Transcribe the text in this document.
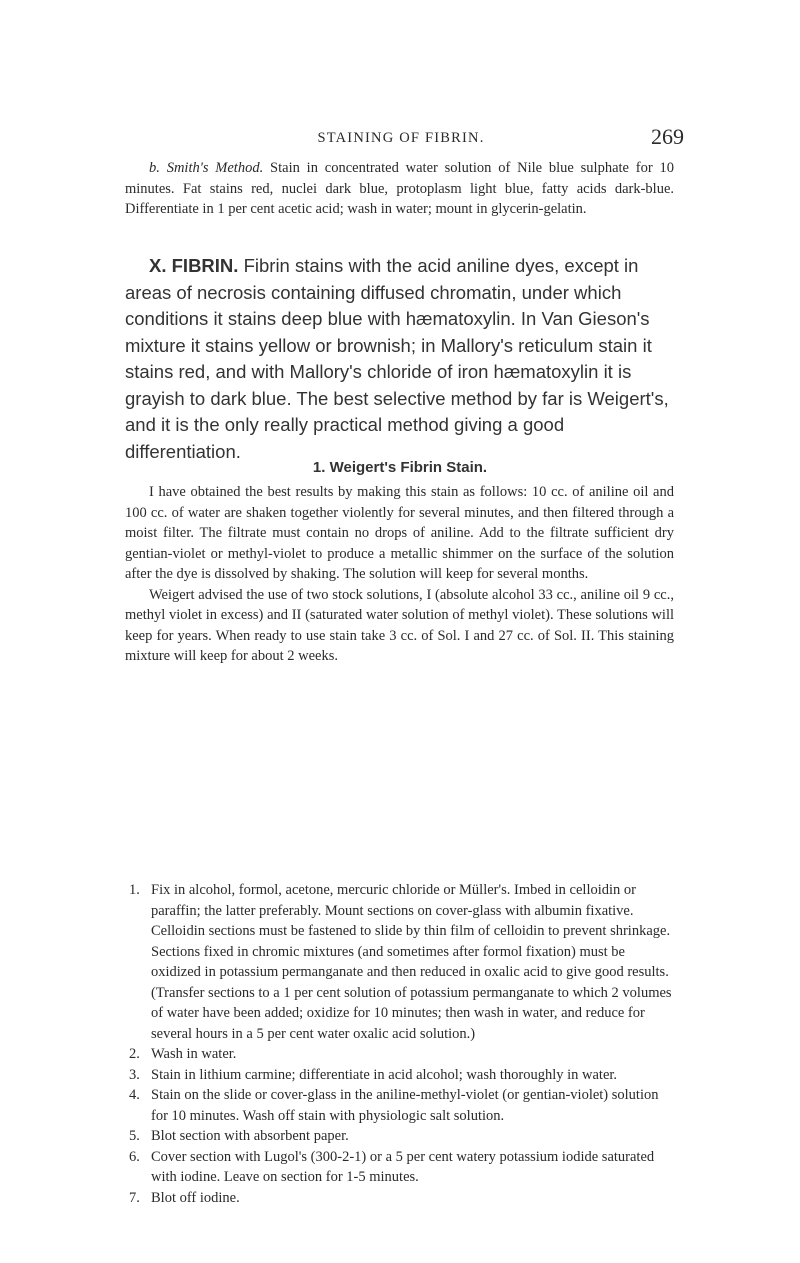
STAINING OF FIBRIN.	269

b. Smith's Method. Stain in concentrated water solution of Nile blue sulphate for 10 minutes. Fat stains red, nuclei dark blue, protoplasm light blue, fatty acids dark-blue. Differentiate in 1 per cent acetic acid; wash in water; mount in glycerin-gelatin.

X. FIBRIN. Fibrin stains with the acid aniline dyes, except in areas of necrosis containing diffused chromatin, under which conditions it stains deep blue with hæmatoxylin. In Van Gieson's mixture it stains yellow or brownish; in Mallory's reticulum stain it stains red, and with Mallory's chloride of iron hæmatoxylin it is grayish to dark blue. The best selective method by far is Weigert's, and it is the only really practical method giving a good differentiation.

1. Weigert's Fibrin Stain.

I have obtained the best results by making this stain as follows: 10 cc. of aniline oil and 100 cc. of water are shaken together violently for several minutes, and then filtered through a moist filter. The filtrate must contain no drops of aniline. Add to the filtrate sufficient dry gentian-violet or methyl-violet to produce a metallic shimmer on the surface of the solution after the dye is dissolved by shaking. The solution will keep for several months.

Weigert advised the use of two stock solutions, I (absolute alcohol 33 cc., aniline oil 9 cc., methyl violet in excess) and II (saturated water solution of methyl violet). These solutions will keep for years. When ready to use stain take 3 cc. of Sol. I and 27 cc. of Sol. II. This staining mixture will keep for about 2 weeks.

1. Fix in alcohol, formol, acetone, mercuric chloride or Müller's. Imbed in celloidin or paraffin; the latter preferably. Mount sections on cover-glass with albumin fixative. Celloidin sections must be fastened to slide by thin film of celloidin to prevent shrinkage. Sections fixed in chromic mixtures (and sometimes after formol fixation) must be oxidized in potassium permanganate and then reduced in oxalic acid to give good results. (Transfer sections to a 1 per cent solution of potassium permanganate to which 2 volumes of water have been added; oxidize for 10 minutes; then wash in water, and reduce for several hours in a 5 per cent water oxalic acid solution.)
2. Wash in water.
3. Stain in lithium carmine; differentiate in acid alcohol; wash thoroughly in water.
4. Stain on the slide or cover-glass in the aniline-methyl-violet (or gentian-violet) solution for 10 minutes. Wash off stain with physiologic salt solution.
5. Blot section with absorbent paper.
6. Cover section with Lugol's (300-2-1) or a 5 per cent watery potassium iodide saturated with iodine. Leave on section for 1-5 minutes.
7. Blot off iodine.
